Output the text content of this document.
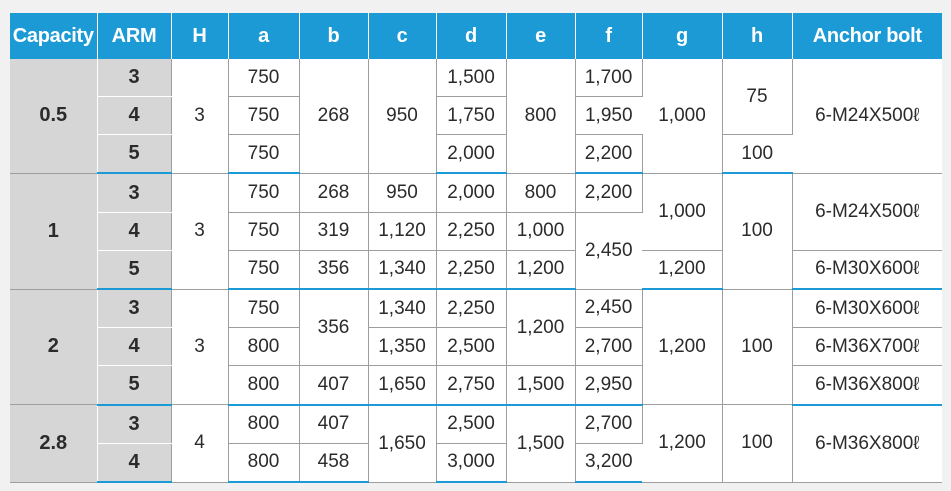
Capacity	ARM	H	a	b	c	d	e	f	g	h	Anchor bolt
0.5	3	3	750	268	950	1,500	800	1,700	1,000	75	6-M24X500ℓ
	4		750			1,750		1,950			
	5		750			2,000		2,200		100	
1	3	3	750	268	950	2,000	800	2,200	1,000	100	6-M24X500ℓ
	4		750	319	1,120	2,250	1,000	2,450			
	5		750	356	1,340	2,250	1,200		1,200		6-M30X600ℓ
2	3	3	750	356	1,340	2,250	1,200	2,450	1,200	100	6-M30X600ℓ
	4		800		1,350	2,500		2,700			6-M36X700ℓ
	5		800	407	1,650	2,750	1,500	2,950			6-M36X800ℓ
2.8	3	4	800	407	1,650	2,500	1,500	2,700	1,200	100	6-M36X800ℓ
	4		800	458		3,000		3,200			
